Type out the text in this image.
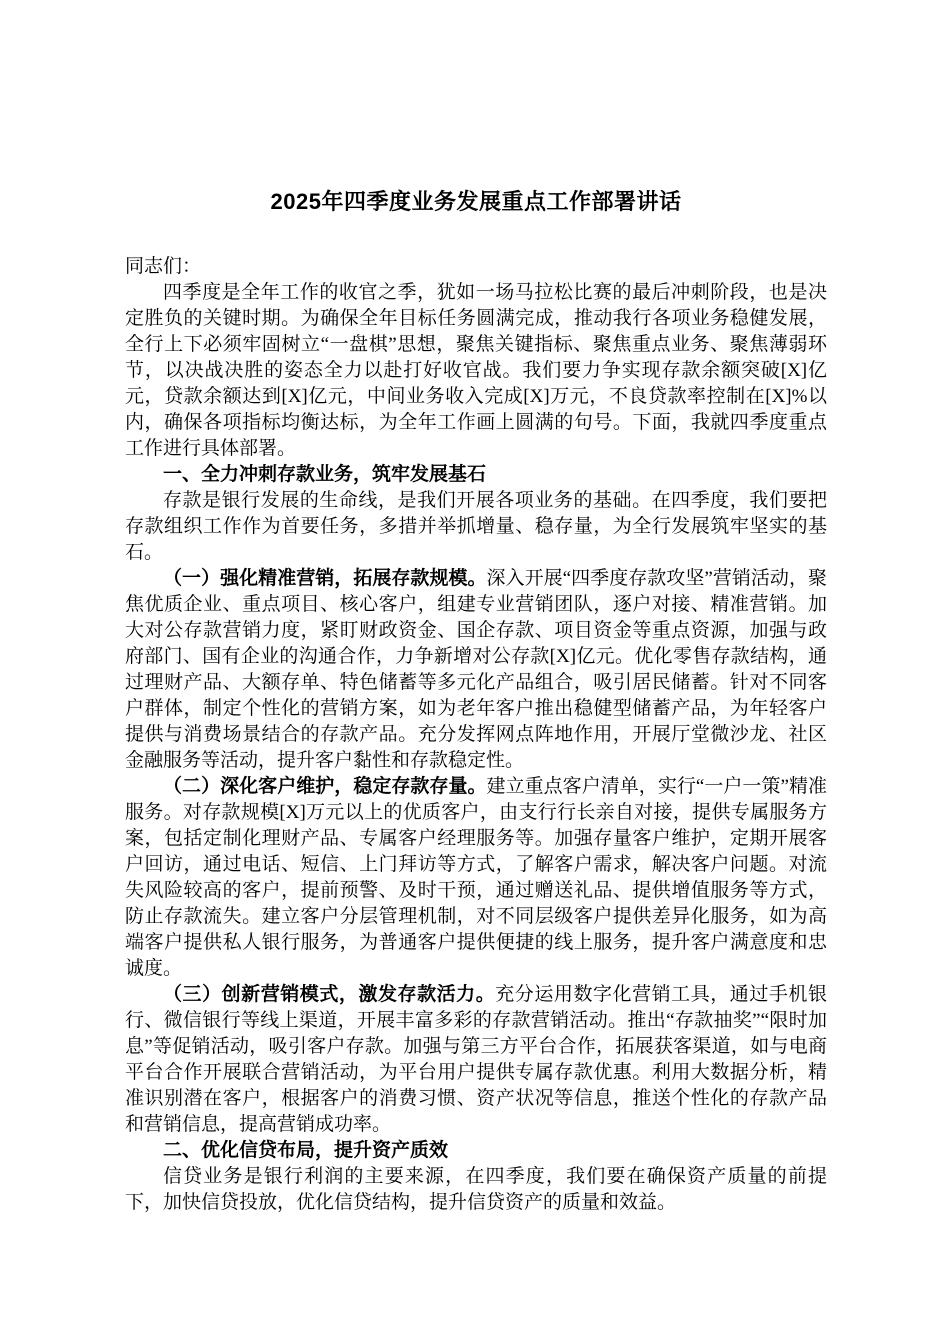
2025年四季度业务发展重点工作部署讲话

同志们：

四季度是全年工作的收官之季，犹如一场马拉松比赛的最后冲刺阶段，也是决定胜负的关键时期。为确保全年目标任务圆满完成，推动我行各项业务稳健发展，全行上下必须牢固树立“一盘棋”思想，聚焦关键指标、聚焦重点业务、聚焦薄弱环节，以决战决胜的姿态全力以赴打好收官战。我们要力争实现存款余额突破[X]亿元，贷款余额达到[X]亿元，中间业务收入完成[X]万元，不良贷款率控制在[X]%以内，确保各项指标均衡达标，为全年工作画上圆满的句号。下面，我就四季度重点工作进行具体部署。

一、全力冲刺存款业务，筑牢发展基石

存款是银行发展的生命线，是我们开展各项业务的基础。在四季度，我们要把存款组织工作作为首要任务，多措并举抓增量、稳存量，为全行发展筑牢坚实的基石。

（一）强化精准营销，拓展存款规模。深入开展“四季度存款攻坚”营销活动，聚焦优质企业、重点项目、核心客户，组建专业营销团队，逐户对接、精准营销。加大对公存款营销力度，紧盯财政资金、国企存款、项目资金等重点资源，加强与政府部门、国有企业的沟通合作，力争新增对公存款[X]亿元。优化零售存款结构，通过理财产品、大额存单、特色储蓄等多元化产品组合，吸引居民储蓄。针对不同客户群体，制定个性化的营销方案，如为老年客户推出稳健型储蓄产品，为年轻客户提供与消费场景结合的存款产品。充分发挥网点阵地作用，开展厅堂微沙龙、社区金融服务等活动，提升客户黏性和存款稳定性。

（二）深化客户维护，稳定存款存量。建立重点客户清单，实行“一户一策”精准服务。对存款规模[X]万元以上的优质客户，由支行行长亲自对接，提供专属服务方案，包括定制化理财产品、专属客户经理服务等。加强存量客户维护，定期开展客户回访，通过电话、短信、上门拜访等方式，了解客户需求，解决客户问题。对流失风险较高的客户，提前预警、及时干预，通过赠送礼品、提供增值服务等方式，防止存款流失。建立客户分层管理机制，对不同层级客户提供差异化服务，如为高端客户提供私人银行服务，为普通客户提供便捷的线上服务，提升客户满意度和忠诚度。

（三）创新营销模式，激发存款活力。充分运用数字化营销工具，通过手机银行、微信银行等线上渠道，开展丰富多彩的存款营销活动。推出“存款抽奖”“限时加息”等促销活动，吸引客户存款。加强与第三方平台合作，拓展获客渠道，如与电商平台合作开展联合营销活动，为平台用户提供专属存款优惠。利用大数据分析，精准识别潜在客户，根据客户的消费习惯、资产状况等信息，推送个性化的存款产品和营销信息，提高营销成功率。

二、优化信贷布局，提升资产质效

信贷业务是银行利润的主要来源，在四季度，我们要在确保资产质量的前提下，加快信贷投放，优化信贷结构，提升信贷资产的质量和效益。
